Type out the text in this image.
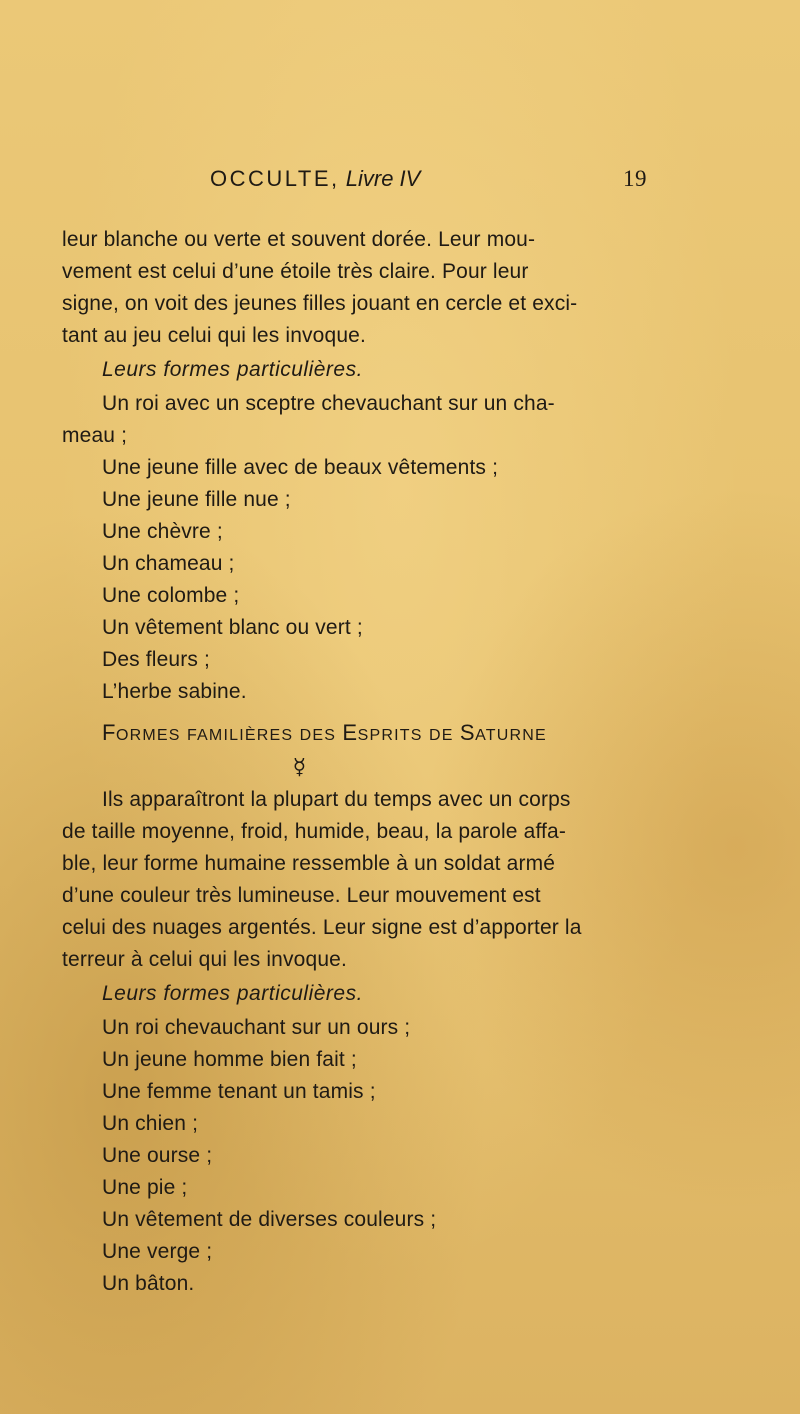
OCCULTE, Livre IV	19
leur blanche ou verte et souvent dorée. Leur mou-
vement est celui d’une étoile très claire. Pour leur
signe, on voit des jeunes filles jouant en cercle et exci-
tant au jeu celui qui les invoque.
Leurs formes particulières.
Un roi avec un sceptre chevauchant sur un cha-
meau ;
Une jeune fille avec de beaux vêtements ;
Une jeune fille nue ;
Une chèvre ;
Un chameau ;
Une colombe ;
Un vêtement blanc ou vert ;
Des fleurs ;
L’herbe sabine.
FORMES FAMILIÈRES DES ESPRITS DE SATURNE
☿
Ils apparaîtront la plupart du temps avec un corps
de taille moyenne, froid, humide, beau, la parole affa-
ble, leur forme humaine ressemble à un soldat armé
d’une couleur très lumineuse. Leur mouvement est
celui des nuages argentés. Leur signe est d’apporter la
terreur à celui qui les invoque.
Leurs formes particulières.
Un roi chevauchant sur un ours ;
Un jeune homme bien fait ;
Une femme tenant un tamis ;
Un chien ;
Une ourse ;
Une pie ;
Un vêtement de diverses couleurs ;
Une verge ;
Un bâton.
